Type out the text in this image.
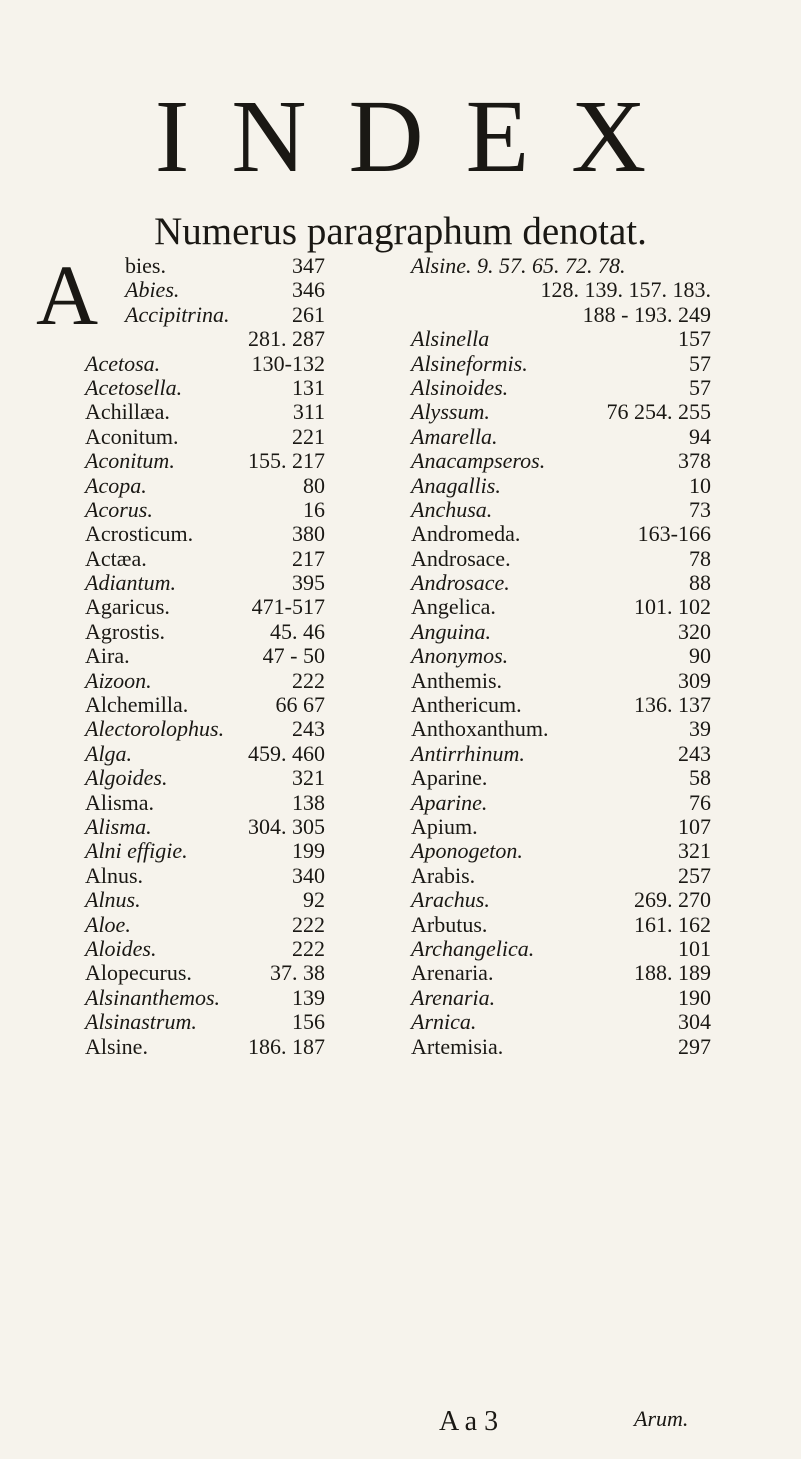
INDEX
Numerus paragraphum denotat.
A bies.	347
Abies.	346
Accipitrina.	261
281. 287
Acetosa.	130-132
Acetosella.	131
Achillæa.	311
Aconitum.	221
Aconitum.	155. 217
Acopa.	80
Acorus.	16
Acrosticum.	380
Actæa.	217
Adiantum.	395
Agaricus.	471-517
Agrostis.	45. 46
Aira.	47 - 50
Aizoon.	222
Alchemilla.	66 67
Alectorolophus.	243
Alga.	459. 460
Algoides.	321
Alisma.	138
Alisma.	304. 305
Alni effigie.	199
Alnus.	340
Alnus.	92
Aloe.	222
Aloides.	222
Alopecurus.	37. 38
Alsinanthemos.	139
Alsinastrum.	156
Alsine.	186. 187
Alsine. 9. 57. 65. 72. 78.
128. 139. 157. 183.
188 - 193. 249
Alsinella	157
Alsineformis.	57
Alsinoides.	57
Alyssum.	76 254. 255
Amarella.	94
Anacampseros.	378
Anagallis.	10
Anchusa.	73
Andromeda.	163-166
Androsace.	78
Androsace.	88
Angelica.	101. 102
Anguina.	320
Anonymos.	90
Anthemis.	309
Anthericum.	136. 137
Anthoxanthum.	39
Antirrhinum.	243
Aparine.	58
Aparine.	76
Apium.	107
Aponogeton.	321
Arabis.	257
Arachus.	269. 270
Arbutus.	161. 162
Archangelica.	101
Arenaria.	188. 189
Arenaria.	190
Arnica.	304
Artemisia.	297
A a 3	Arum.
